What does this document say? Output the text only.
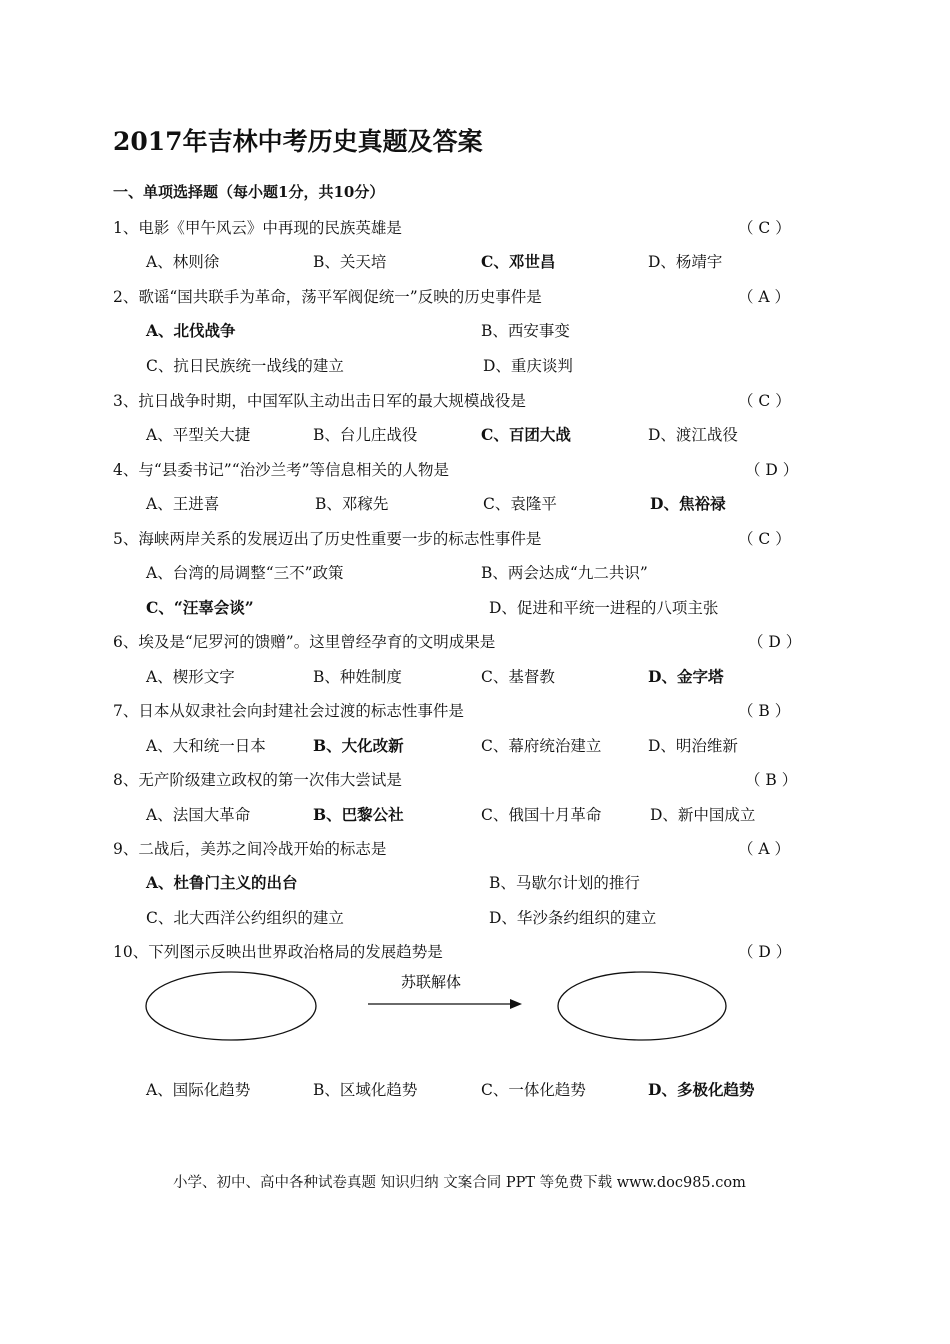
2017年吉林中考历史真题及答案
一、单项选择题（每小题1分，共10分）
1、电影《甲午风云》中再现的民族英雄是	（ C ）
A、林则徐	B、关天培	C、邓世昌	D、杨靖宇
2、歌谣“国共联手为革命，荡平军阀促统一”反映的历史事件是	（ A ）
A、北伐战争	B、西安事变
C、抗日民族统一战线的建立	D、重庆谈判
3、抗日战争时期，中国军队主动出击日军的最大规模战役是	（ C ）
A、平型关大捷	B、台儿庄战役	C、百团大战	D、渡江战役
4、与“县委书记”“治沙兰考”等信息相关的人物是	（ D ）
A、王进喜	B、邓稼先	C、袁隆平	D、焦裕禄
5、海峡两岸关系的发展迈出了历史性重要一步的标志性事件是	（ C ）
A、台湾的局调整“三不”政策	B、两会达成“九二共识”
C、“汪辜会谈”	D、促进和平统一进程的八项主张
6、埃及是“尼罗河的馈赠”。这里曾经孕育的文明成果是	（ D ）
A、楔形文字	B、种姓制度	C、基督教	D、金字塔
7、日本从奴隶社会向封建社会过渡的标志性事件是	（ B ）
A、大和统一日本	B、大化改新	C、幕府统治建立	D、明治维新
8、无产阶级建立政权的第一次伟大尝试是	（ B ）
A、法国大革命	B、巴黎公社	C、俄国十月革命	D、新中国成立
9、二战后，美苏之间冷战开始的标志是	（ A ）
A、杜鲁门主义的出台	B、马歇尔计划的推行
C、北大西洋公约组织的建立	D、华沙条约组织的建立
10、下列图示反映出世界政治格局的发展趋势是	（ D ）
苏联解体
A、国际化趋势	B、区域化趋势	C、一体化趋势	D、多极化趋势
小学、初中、高中各种试卷真题 知识归纳 文案合同 PPT 等免费下载 www.doc985.com
